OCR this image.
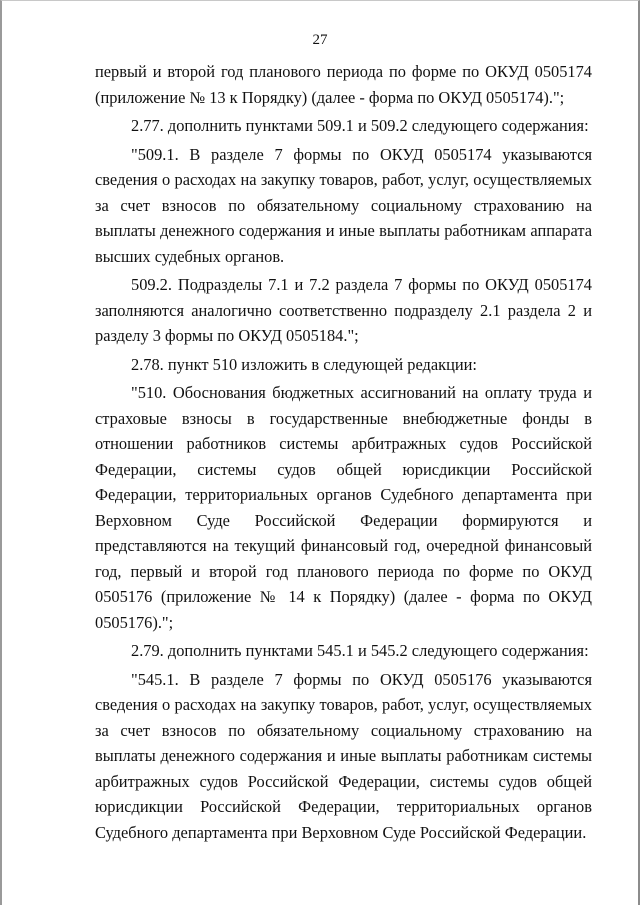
27

первый и второй год планового периода по форме по ОКУД 0505174 (приложение № 13 к Порядку) (далее - форма по ОКУД 0505174).";

2.77. дополнить пунктами 509.1 и 509.2 следующего содержания:

"509.1. В разделе 7 формы по ОКУД 0505174 указываются сведения о расходах на закупку товаров, работ, услуг, осуществляемых за счет взносов по обязательному социальному страхованию на выплаты денежного содержания и иные выплаты работникам аппарата высших судебных органов.

509.2. Подразделы 7.1 и 7.2 раздела 7 формы по ОКУД 0505174 заполняются аналогично соответственно подразделу 2.1 раздела 2 и разделу 3 формы по ОКУД 0505184.";

2.78. пункт 510 изложить в следующей редакции:

"510. Обоснования бюджетных ассигнований на оплату труда и страховые взносы в государственные внебюджетные фонды в отношении работников системы арбитражных судов Российской Федерации, системы судов общей юрисдикции Российской Федерации, территориальных органов Судебного департамента при Верховном Суде Российской Федерации формируются и представляются на текущий финансовый год, очередной финансовый год, первый и второй год планового периода по форме по ОКУД 0505176 (приложение № 14 к Порядку) (далее - форма по ОКУД 0505176).";

2.79. дополнить пунктами 545.1 и 545.2 следующего содержания:

"545.1. В разделе 7 формы по ОКУД 0505176 указываются сведения о расходах на закупку товаров, работ, услуг, осуществляемых за счет взносов по обязательному социальному страхованию на выплаты денежного содержания и иные выплаты работникам системы арбитражных судов Российской Федерации, системы судов общей юрисдикции Российской Федерации, территориальных органов Судебного департамента при Верховном Суде Российской Федерации.
